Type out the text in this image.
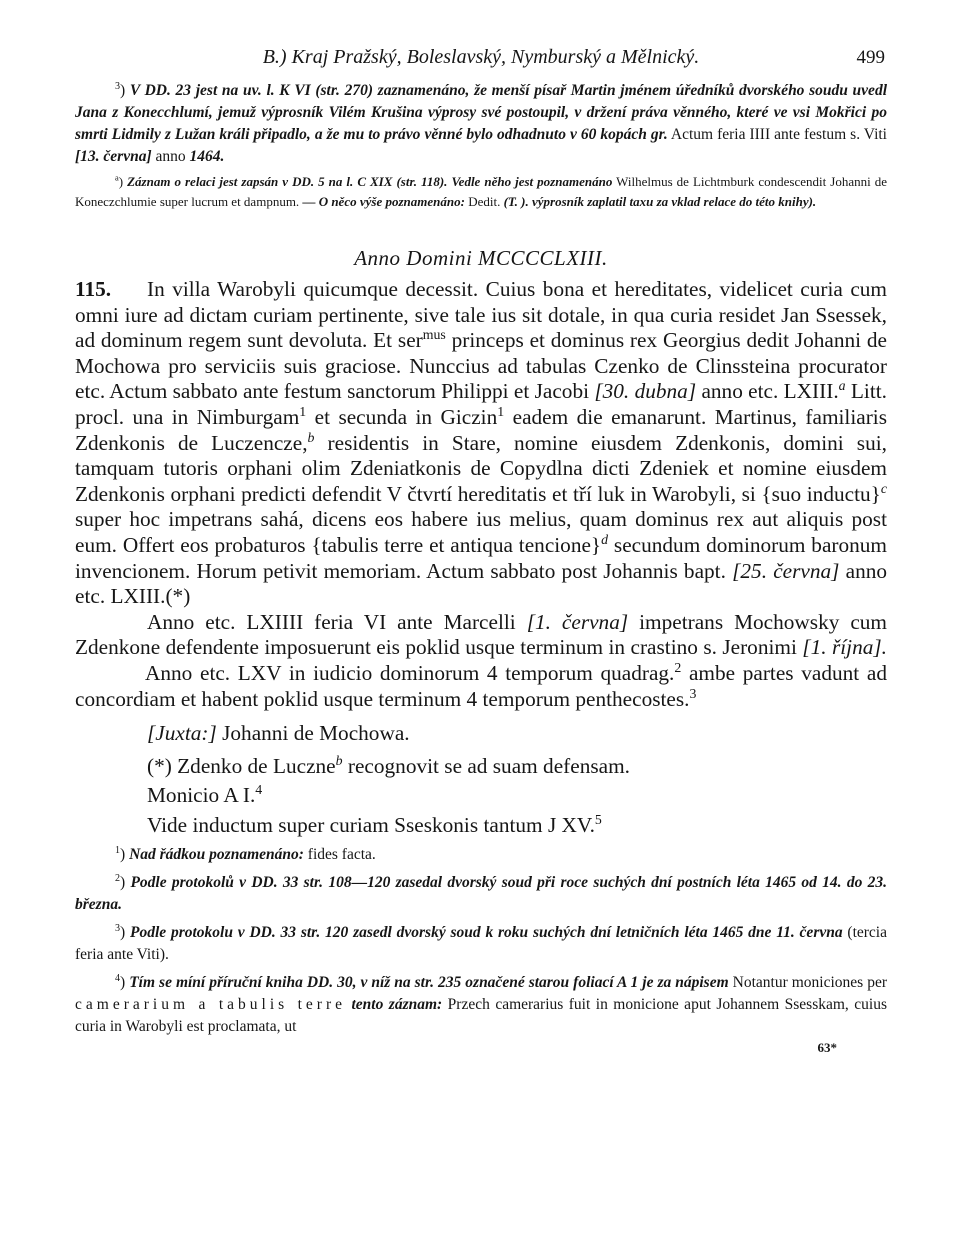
B.) Kraj Pražský, Boleslavský, Nymburský a Mělnický.	499

$^3$) V DD. 23 jest na uv. l. K VI (str. 270) zaznamenáno, že menší písař Martin jménem úředníků dvorského soudu uvedl Jana z Konecchlumí, jemuž výprosník Vilém Krušina výprosy své postoupil, v držení práva věnného, které ve vsi Mokřici po smrti Lidmily z Lužan králi připadlo, a že mu to právo věnné bylo odhadnuto v 60 kopách gr. Actum feria IIII ante festum s. Viti [13. června] anno 1464.

$^a$) Záznam o relaci jest zapsán v DD. 5 na l. C XIX (str. 118). Vedle něho jest poznamenáno Wilhelmus de Lichtmburk condescendit Johanni de Koneczchlumie super lucrum et dampnum. — O něco výše poznamenáno: Dedit. (T. ). výprosník zaplatil taxu za vklad relace do této knihy).

Anno Domini MCCCCLXIII.

115. In villa Warobyli quicumque decessit. Cuius bona et hereditates, videlicet curia cum omni iure ad dictam curiam pertinente, sive tale ius sit dotale, in qua curia residet Jan Ssessek, ad dominum regem sunt devoluta. Et ser$^{mus}$ princeps et dominus rex Georgius dedit Johanni de Mochowa pro serviciis suis graciose. Nunccius ad tabulas Czenko de Clinssteina procurator etc. Actum sabbato ante festum sanctorum Philippi et Jacobi [30. dubna] anno etc. LXIII.$^a$ Litt. procl. una in Nimburgam$^1$ et secunda in Giczin$^1$ eadem die emanarunt. Martinus, familiaris Zdenkonis de Luczencze,$^b$ residentis in Stare, nomine eiusdem Zdenkonis, domini sui, tamquam tutoris orphani olim Zdeniatkonis de Copydlna dicti Zdeniek et nomine eiusdem Zdenkonis orphani predicti defendit V čtvrtí hereditatis et tří luk in Warobyli, si {suo inductu}$^c$ super hoc impetrans sahá, dicens eos habere ius melius, quam dominus rex aut aliquis post eum. Offert eos probaturos {tabulis terre et antiqua tencione}$^d$ secundum dominorum baronum invencionem. Horum petivit memoriam. Actum sabbato post Johannis bapt. [25. června] anno etc. LXIII.(*)

Anno etc. LXIIII feria VI ante Marcelli [1. června] impetrans Mochowsky cum Zdenkone defendente imposuerunt eis poklid usque terminum in crastino s. Jeronimi [1. října].Anno etc. LXV in iudicio dominorum 4 temporum quadrag.$^2$ ambe partes vadunt ad concordiam et habent poklid usque terminum 4 temporum penthecostes.$^3$

[Juxta:] Johanni de Mochowa.
(*) Zdenko de Luczne$^b$ recognovit se ad suam defensam.
Monicio A I.$^4$
Vide inductum super curiam Sseskonis tantum J XV.$^5$

$^1$) Nad řádkou poznamenáno: fides facta.

$^2$) Podle protokolů v DD. 33 str. 108—120 zasedal dvorský soud při roce suchých dní postních léta 1465 od 14. do 23. března.

$^3$) Podle protokolu v DD. 33 str. 120 zasedl dvorský soud k roku suchých dní letničních léta 1465 dne 11. června (tercia feria ante Viti).

$^4$) Tím se míní příruční kniha DD. 30, v níž na str. 235 označené starou foliací A 1 je za nápisem Notantur moniciones per camerarium a tabulis terre tento záznam: Przech camerarius fuit in monicione aput Johannem Ssesskam, cuius curia in Warobyli est proclamata, ut

63*
